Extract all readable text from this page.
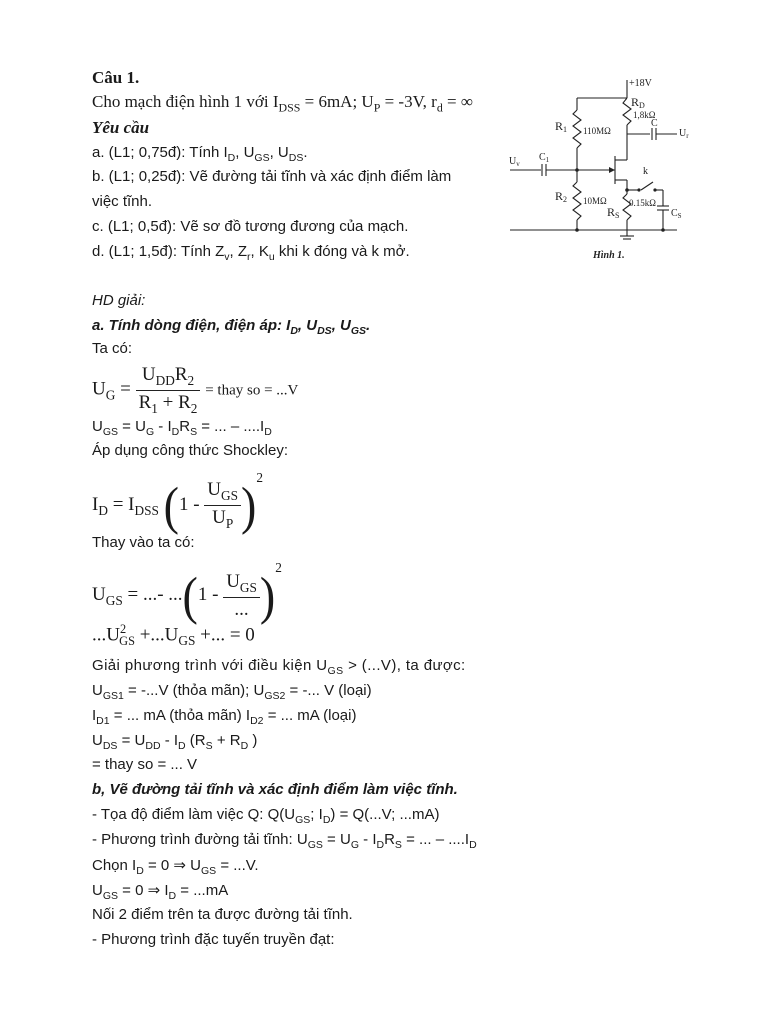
Câu 1.
Cho mạch điện hình 1 với $I_{DSS} = 6mA$; $U_P = -3V$, $r_d$ = ∞
Yêu cầu
a. (L1; 0,75đ): Tính $I_D$, $U_{GS}$, $U_{DS}$.
b. (L1; 0,25đ): Vẽ đường tải tĩnh và xác định điểm làm
việc tĩnh.
c. (L1; 0,5đ): Vẽ sơ đồ tương đương của mạch.
d. (L1; 1,5đ): Tính $Z_v$, $Z_r$, $K_u$ khi k đóng và k mở.
+18V
RD
1,8kΩ
R1 110MΩ
C
$U_r$
$U_v$
$C_1$
k
R2 10MΩ
RS
0.15kΩ
$C_S$
Hình 1.
HD giải:
a. Tính dòng điện, điện áp: $I_D$, $U_{DS}$, $U_{GS}$.
Ta có:
$U_G = \frac{U_{DD}R_2}{R_1 + R_2}$ = thay so = ...V
$U_{GS} = U_G - I_DR_S$ = ... – $....I_D$
Áp dụng công thức Shockley:
$I_D = I_{DSS}$ $(1 - \frac{U_{GS}}{U_P} )^2$
Thay vào ta có:
$U_{GS}$ = ...- $...(1 - \frac{U_{GS}}{...} )^2$
$...U^2_{GS} +...U_{GS}$ +... = 0
Giải phương trình với điều kiện $U_{GS} > (...V)$, ta được:
$U_{GS1} = -...V$ (thỏa mãn); $U_{GS2}$ = -... V (loại)
$I_{D1}$ = ... mA (thỏa mãn) $I_{D2}$ = ... mA (loại)
$U_{DS} = U_{DD} - I_D$ ($R_S + R_D$ )
= thay so = ... V
b, Vẽ đường tải tĩnh và xác định điểm làm việc tĩnh.
- Tọa độ điểm làm việc Q: $Q(U_{GS}$; $I_D) = Q(...V$; ...mA)
- Phương trình đường tải tĩnh: $U_{GS} = U_G - I_DR_S$ = ... – $....I_D$
Chọn $I_D = 0$ ⇒ $U_{GS} = ...V$.
$U_{GS} = 0$ ⇒ $I_D = ...mA$
Nối 2 điểm trên ta được đường tải tĩnh.
- Phương trình đặc tuyến truyền đạt:
